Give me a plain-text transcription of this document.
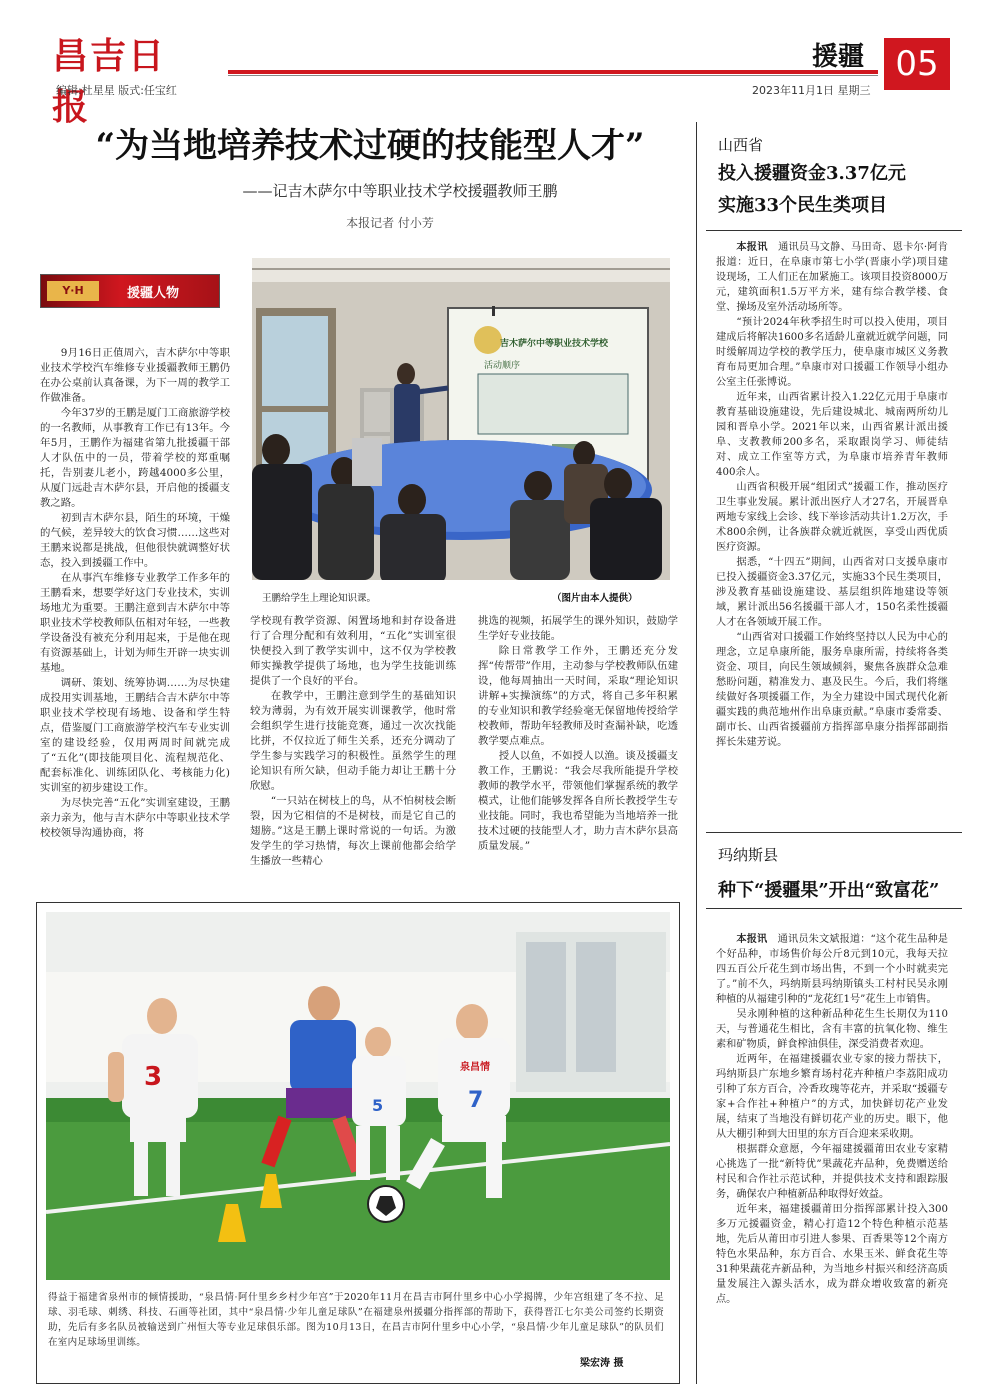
昌吉日报
编辑:杜星星 版式:任宝红
援疆 05
2023年11月1日 星期三
“为当地培养技术过硬的技能型人才”
——记吉木萨尔中等职业技术学校援疆教师王鹏
本报记者 付小芳
Y·H	援疆人物

9月16日正值周六，吉木萨尔中等职业技术学校汽车维修专业援疆教师王鹏仍在办公桌前认真备课，为下一周的教学工作做准备。

今年37岁的王鹏是厦门工商旅游学校的一名教师，从事教育工作已有13年。今年5月，王鹏作为福建省第九批援疆干部人才队伍中的一员，带着学校的郑重嘱托，告别妻儿老小，跨越4000多公里，从厦门远赴吉木萨尔县，开启他的援疆支教之路。

初到吉木萨尔县，陌生的环境，干燥的气候，差异较大的饮食习惯……这些对王鹏来说都是挑战，但他很快就调整好状态，投入到援疆工作中。

在从事汽车维修专业教学工作多年的王鹏看来，想要学好这门专业技术，实训场地尤为重要。王鹏注意到吉木萨尔中等职业技术学校教师队伍相对年轻，一些教学设备没有被充分利用起来，于是他在现有资源基础上，计划为师生开辟一块实训基地。

调研、策划、统筹协调……为尽快建成投用实训基地，王鹏结合吉木萨尔中等职业技术学校现有场地、设备和学生特点，借鉴厦门工商旅游学校汽车专业实训室的建设经验，仅用两周时间就完成了“五化”(即技能项目化、流程规范化、配套标准化、训练团队化、考核能力化)实训室的初步建设工作。

为尽快完善“五化”实训室建设，王鹏亲力亲为，他与吉木萨尔中等职业技术学校校领导沟通协商，将

吉木萨尔中等职业技术学校
活动顺序
王鹏给学生上理论知识课。	（图片由本人提供）

学校现有教学资源、闲置场地和封存设备进行了合理分配和有效利用，“五化”实训室很快便投入到了教学实训中，这不仅为学校教师实操教学提供了场地，也为学生技能训练提供了一个良好的平台。

在教学中，王鹏注意到学生的基础知识较为薄弱，为有效开展实训课教学，他时常会组织学生进行技能竞赛，通过一次次找能比拼，不仅拉近了师生关系，还充分调动了学生参与实践学习的积极性。虽然学生的理论知识有所欠缺，但动手能力却让王鹏十分欣慰。

“一只站在树枝上的鸟，从不怕树枝会断裂，因为它相信的不是树枝，而是它自己的翅膀。”这是王鹏上课时常说的一句话。为激发学生的学习热情，每次上课前他都会给学生播放一些精心

挑选的视频，拓展学生的课外知识，鼓励学生学好专业技能。

除日常教学工作外，王鹏还充分发挥“传帮带”作用，主动参与学校教师队伍建设，他每周抽出一天时间，采取“理论知识讲解+实操演练”的方式，将自己多年积累的专业知识和教学经验毫无保留地传授给学校教师，帮助年轻教师及时查漏补缺，吃透教学要点难点。

授人以鱼，不如授人以渔。谈及援疆支教工作，王鹏说：“我会尽我所能提升学校教师的教学水平，带领他们掌握系统的教学模式，让他们能够发挥各自所长教授学生专业技能。同时，我也希望能为当地培养一批技术过硬的技能型人才，助力吉木萨尔县高质量发展。”

3	泉昌情
7
5
得益于福建省泉州市的倾情援助，“泉昌情·阿什里乡乡村少年宫”于2020年11月在昌吉市阿什里乡中心小学揭牌，少年宫组建了冬不拉、足球、羽毛球、刺绣、科技、石画等社团，其中“泉昌情·少年儿童足球队”在福建泉州援疆分指挥部的帮助下，获得晋江七尔美公司签约长期资助，先后有多名队员被输送到广州恒大等专业足球俱乐部。图为10月13日，在昌吉市阿什里乡中心小学，“泉昌情·少年儿童足球队”的队员们在室内足球场里训练。
梁宏涛 摄
山西省
投入援疆资金3.37亿元
实施33个民生类项目

本报讯  通讯员马文静、马田奇、恩卡尔·阿肯报道：近日，在阜康市第七小学(晋康小学)项目建设现场，工人们正在加紧施工。该项目投资8000万元，建筑面积1.5万平方米，建有综合教学楼、食堂、操场及室外活动场所等。

“预计2024年秋季招生时可以投入使用，项目建成后将解决1600多名适龄儿童就近就学问题，同时缓解周边学校的教学压力，使阜康市城区义务教育布局更加合理。”阜康市对口援疆工作领导小组办公室主任张博说。

近年来，山西省累计投入1.22亿元用于阜康市教育基础设施建设，先后建设城北、城南两所幼儿园和晋阜小学。2021年以来，山西省累计派出援阜、支教教师200多名，采取跟岗学习、师徒结对、成立工作室等方式，为阜康市培养青年教师400余人。

山西省积极开展“组团式”援疆工作，推动医疗卫生事业发展。累计派出医疗人才27名，开展晋阜两地专家线上会诊、线下举诊活动共计1.2万次，手术800余例，让各族群众就近就医，享受山西优质医疗资源。

据悉，“十四五”期间，山西省对口支援阜康市已投入援疆资金3.37亿元，实施33个民生类项目，涉及教育基础设施建设、基层组织阵地建设等领域，累计派出56名援疆干部人才，150名柔性援疆人才在各领域开展工作。

“山西省对口援疆工作始终坚持以人民为中心的理念，立足阜康所能，服务阜康所需，持续将各类资金、项目，向民生领域倾斜，聚焦各族群众急难愁盼问题，精准发力、惠及民生。今后，我们将继续做好各项援疆工作，为全力建设中国式现代化新疆实践的典范地州作出阜康贡献。”阜康市委常委、副市长、山西省援疆前方指挥部阜康分指挥部副指挥长朱建芳说。

玛纳斯县
种下“援疆果”开出“致富花”

本报讯  通讯员朱文斌报道：“这个花生品种是个好品种，市场售价每公斤8元到10元，我每天拉四五百公斤花生到市场出售，不到一个小时就卖完了。”前不久，玛纳斯县玛纳斯镇头工村村民吴永刚种植的从福建引种的“龙花红1号”花生上市销售。

吴永刚种植的这种新品种花生生长期仅为110天，与普通花生相比，含有丰富的抗氧化物、维生素和矿物质，鲜食榨油俱佳，深受消费者欢迎。

近两年，在福建援疆农业专家的接力帮扶下，玛纳斯县广东地乡繁育场村花卉种植户李荔阳成功引种了东方百合，冷香玫瑰等花卉，并采取“援疆专家+合作社+种植户”的方式，加快鲜切花产业发展，结束了当地没有鲜切花产业的历史。眼下，他从大棚引种到大田里的东方百合迎来采收期。

根据群众意愿，今年福建援疆莆田农业专家精心挑选了一批“新特优”果蔬花卉品种，免费赠送给村民和合作社示范试种，并提供技术支持和跟踪服务，确保农户种植新品种取得好效益。

近年来，福建援疆莆田分指挥部累计投入300多万元援疆资金，精心打造12个特色种植示范基地，先后从莆田市引进人参果、百香果等12个南方特色水果品种，东方百合、水果玉米、鲜食花生等31种果蔬花卉新品种，为当地乡村振兴和经济高质量发展注入源头活水，成为群众增收致富的新亮点。
